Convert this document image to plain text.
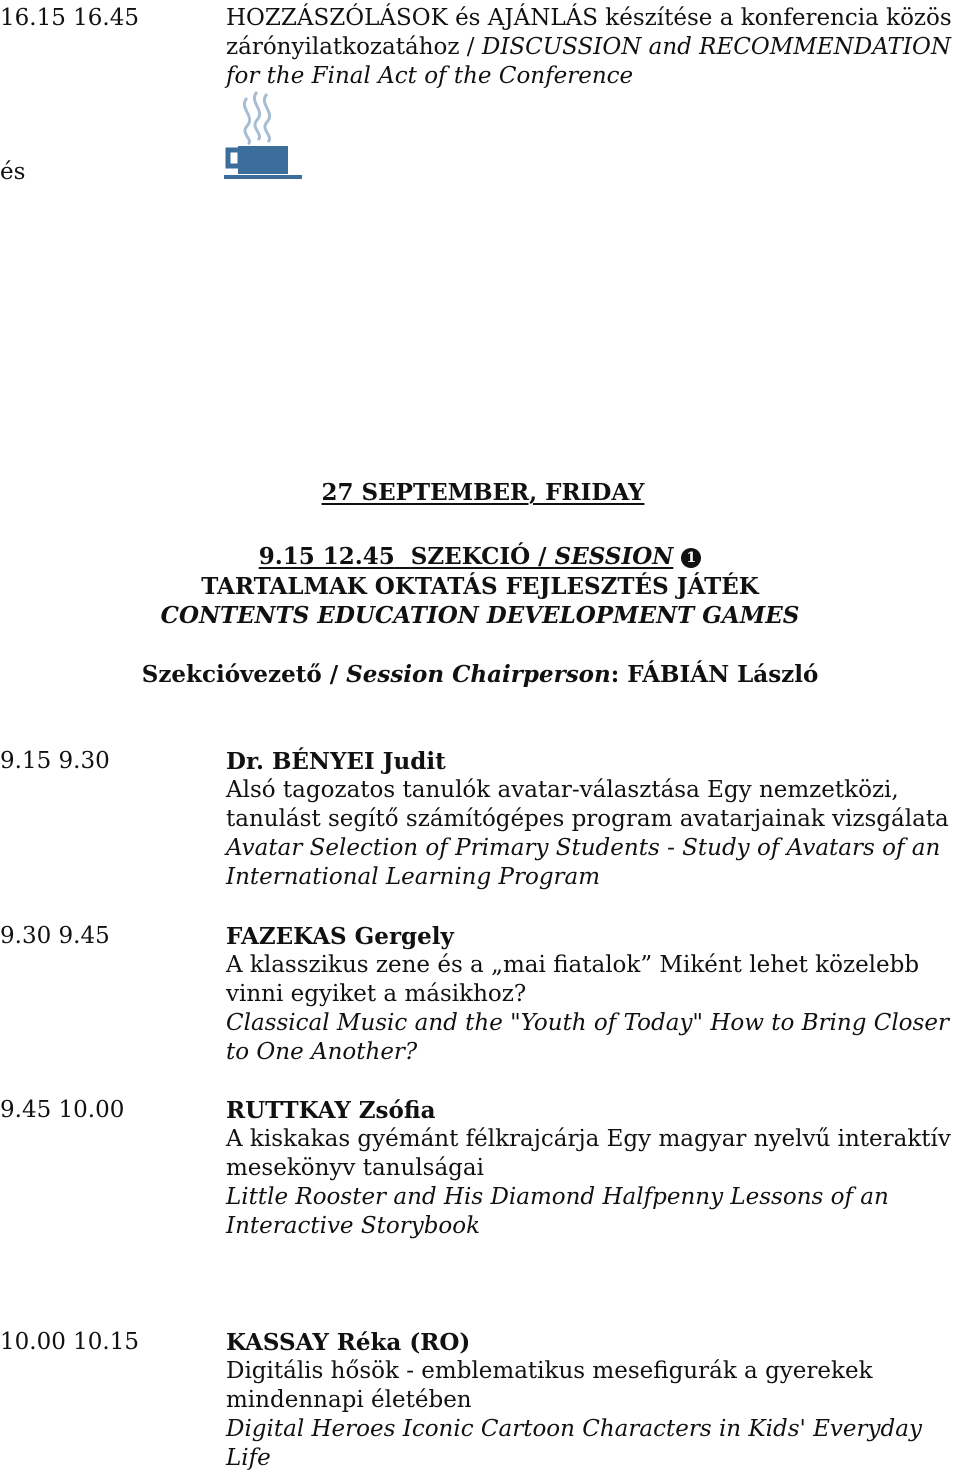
16.15 16.45	HOZZÁSZÓLÁSOK és AJÁNLÁS készítése a konferencia közös
zárónyilatkozatához / DISCUSSION and RECOMMENDATION
for the Final Act of the Conference
és
27 SEPTEMBER, FRIDAY
9.15 12.45 SZEKCIÓ / SESSION 1
TARTALMAK OKTATÁS FEJLESZTÉS JÁTÉK
CONTENTS EDUCATION DEVELOPMENT GAMES
Szekcióvezető / Session Chairperson: FÁBIÁN László
9.15 9.30	Dr. BÉNYEI Judit
Alsó tagozatos tanulók avatar-választása Egy nemzetközi,
tanulást segítő számítógépes program avatarjainak vizsgálata
Avatar Selection of Primary Students - Study of Avatars of an
International Learning Program
9.30 9.45	FAZEKAS Gergely
A klasszikus zene és a „mai fiatalok” Miként lehet közelebb
vinni egyiket a másikhoz?
Classical Music and the "Youth of Today" How to Bring Closer
to One Another?
9.45 10.00	RUTTKAY Zsófia
A kiskakas gyémánt félkrajcárja Egy magyar nyelvű interaktív
mesekönyv tanulságai
Little Rooster and His Diamond Halfpenny Lessons of an
Interactive Storybook
10.00 10.15	KASSAY Réka (RO)
Digitális hősök - emblematikus mesefigurák a gyerekek
mindennapi életében
Digital Heroes Iconic Cartoon Characters in Kids' Everyday
Life
